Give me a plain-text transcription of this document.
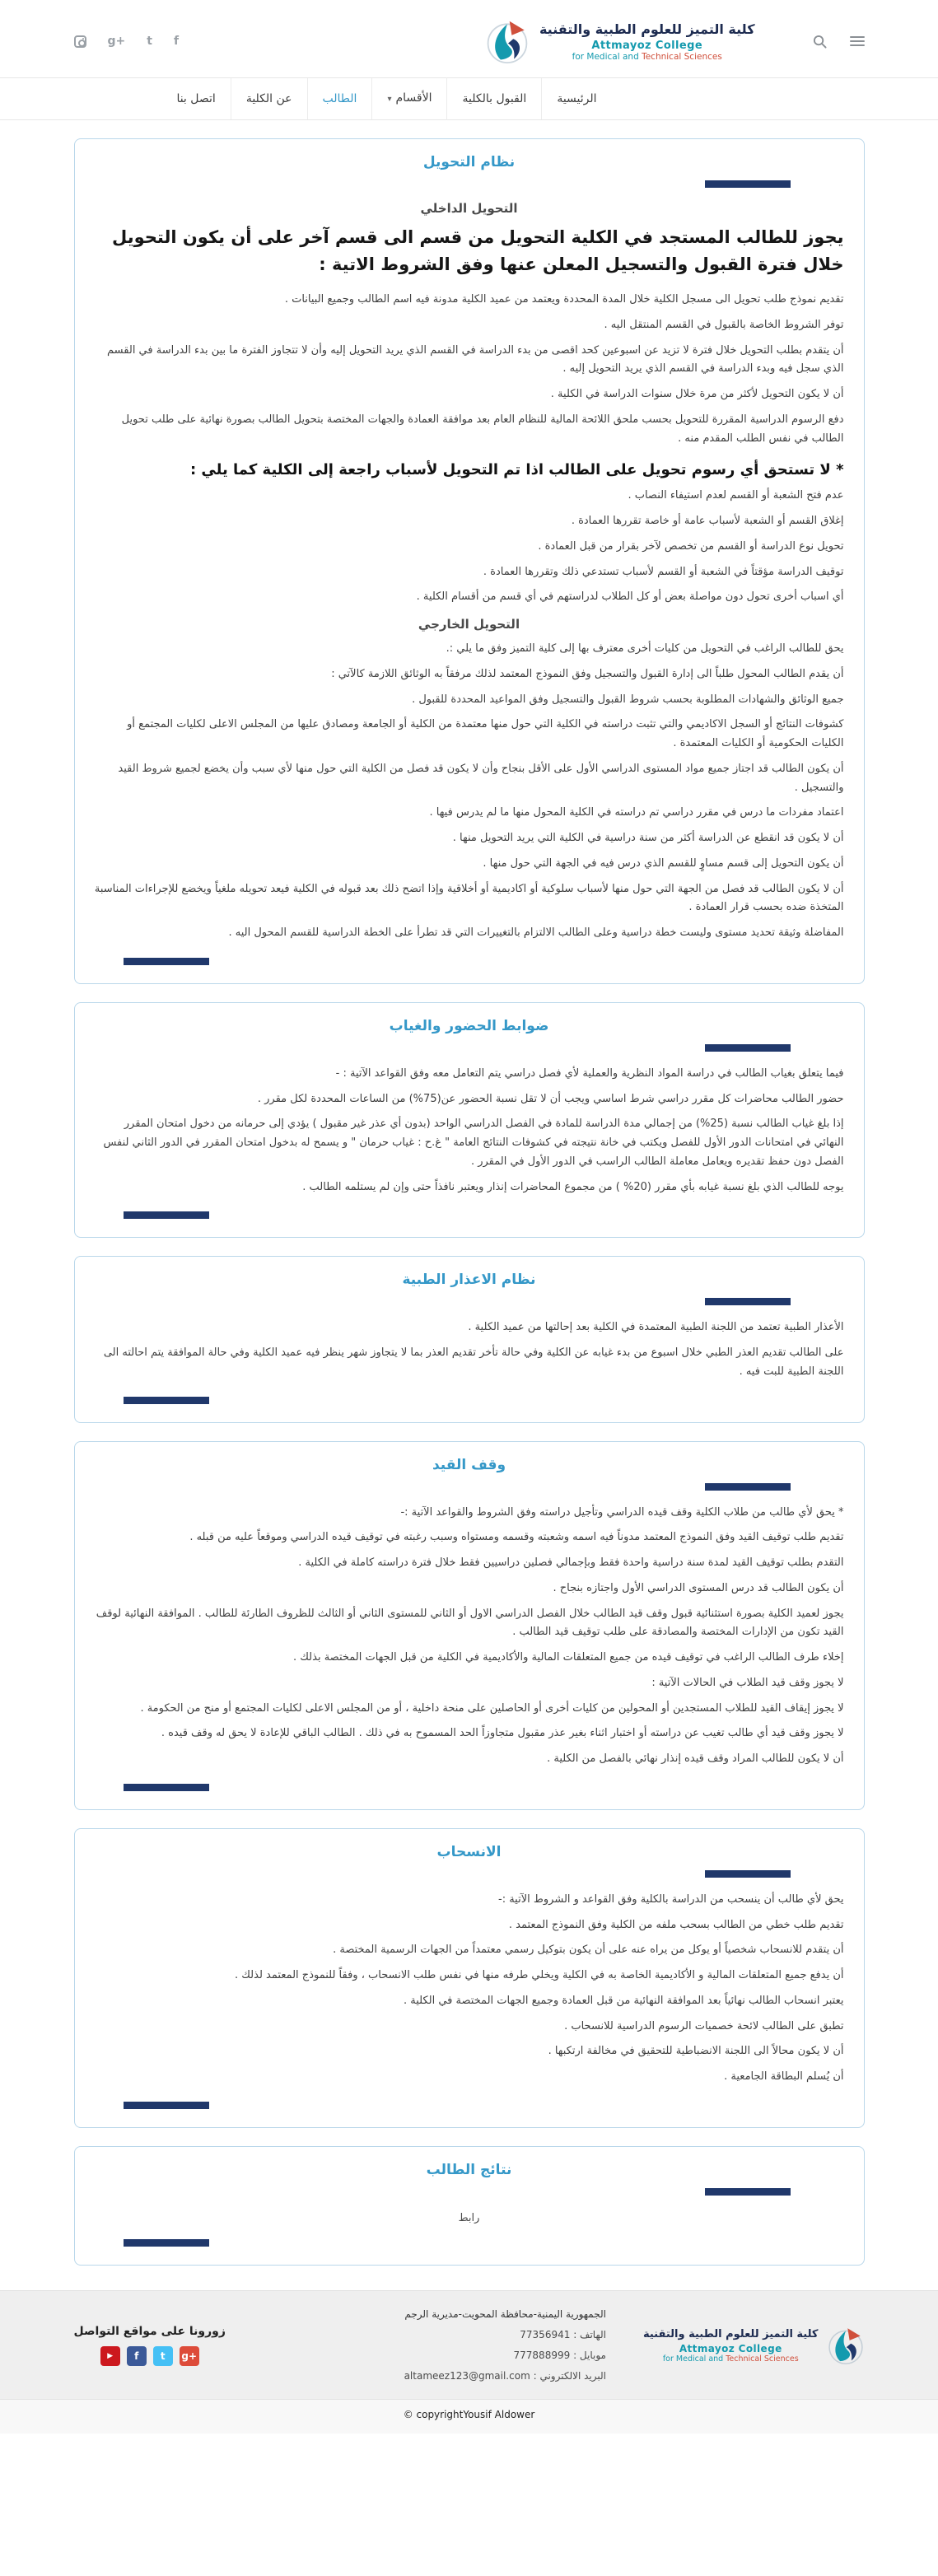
g+ t f
كلية التميز للعلوم الطبية والتقنية
Attmayoz College
for Medical and Technical Sciences
الرئيسية
القبول بالكلية
الأقسام▾
الطالب
عن الكلية
اتصل بنا
نظام التحويل
التحويل الداخلي

يجوز للطالب المستجد في الكلية التحويل من قسم الى قسم آخر على أن يكون التحويل خلال فترة القبول والتسجيل المعلن عنها وفق الشروط الاتية :

تقديم نموذج طلب تحويل الى مسجل الكلية خلال المدة المحددة ويعتمد من عميد الكلية مدونة فيه اسم الطالب وجميع البيانات .

توفر الشروط الخاصة بالقبول في القسم المنتقل اليه .

أن يتقدم بطلب التحويل خلال فترة لا تزيد عن اسبوعين كحد اقصى من بدء الدراسة في القسم الذي يريد التحويل إليه وأن لا تتجاوز الفترة ما بين بدء الدراسة في القسم الذي سجل فيه وبدء الدراسة في القسم الذي يريد التحويل إليه .

أن لا يكون التحويل لأكثر من مرة خلال سنوات الدراسة في الكلية .

دفع الرسوم الدراسية المقررة للتحويل بحسب ملحق اللائحة المالية للنظام العام بعد موافقة العمادة والجهات المختصة بتحويل الطالب بصورة نهائية على طلب تحويل الطالب في نفس الطلب المقدم منه .

* لا تستحق أي رسوم تحويل على الطالب اذا تم التحويل لأسباب راجعة إلى الكلية كما يلي :

عدم فتح الشعبة أو القسم لعدم استيفاء النصاب .

إغلاق القسم أو الشعبة لأسباب عامة أو خاصة تقررها العمادة .

تحويل نوع الدراسة أو القسم من تخصص لآخر بقرار من قبل العمادة .

توقيف الدراسة مؤقتاً في الشعبة أو القسم لأسباب تستدعي ذلك وتقررها العمادة .

أي اسباب أخرى تحول دون مواصلة بعض أو كل الطلاب لدراستهم في أي قسم من أقسام الكلية .

التحويل الخارجي

يحق للطالب الراغب في التحويل من كليات أخرى معترف بها إلى كلية التميز وفق ما يلي :.

أن يقدم الطالب المحول طلباً الى إدارة القبول والتسجيل وفق النموذج المعتمد لذلك مرفقاً به الوثائق اللازمة كالآتي :

جميع الوثائق والشهادات المطلوبة بحسب شروط القبول والتسجيل وفق المواعيد المحددة للقبول .

كشوفات النتائج أو السجل الاكاديمي والتي تثبت دراسته في الكلية التي حول منها معتمدة من الكلية أو الجامعة ومصادق عليها من المجلس الاعلى لكليات المجتمع أو الكليات الحكومية أو الكليات المعتمدة .

أن يكون الطالب قد اجتاز جميع مواد المستوى الدراسي الأول على الأقل بنجاح وأن لا يكون قد فصل من الكلية التي حول منها لأي سبب وأن يخضع لجميع شروط القيد والتسجيل .

اعتماد مفردات ما درس في مقرر دراسي تم دراسته في الكلية المحول منها ما لم يدرس فيها .

أن لا يكون قد انقطع عن الدراسة أكثر من سنة دراسية في الكلية التي يريد التحويل منها .

أن يكون التحويل إلى قسم مساوٍ للقسم الذي درس فيه في الجهة التي حول منها .

أن لا يكون الطالب قد فصل من الجهة التي حول منها لأسباب سلوكية أو اكاديمية أو أخلاقية وإذا اتضح ذلك بعد قبوله في الكلية فيعد تحويله ملغياً ويخضع للإجراءات المناسبة المتخذة ضده بحسب قرار العمادة .

المفاضلة وثيقة تحديد مستوى وليست خطة دراسية وعلى الطالب الالتزام بالتغييرات التي قد تطرأ على الخطة الدراسية للقسم المحول اليه .

ضوابط الحضور والغياب

فيما يتعلق بغياب الطالب في دراسة المواد النظرية والعملية لأي فصل دراسي يتم التعامل معه وفق القواعد الآتية : -

حضور الطالب محاضرات كل مقرر دراسي شرط اساسي ويجب أن لا تقل نسبة الحضور عن(75%) من الساعات المحددة لكل مقرر .

إذا بلغ غياب الطالب نسبة (25%) من إجمالي مدة الدراسة للمادة في الفصل الدراسي الواحد (بدون أي عذر غير مقبول ) يؤدي إلى حرمانه من دخول امتحان المقرر النهائي في امتحانات الدور الأول للفصل ويكتب في خانة نتيجته في كشوفات النتائج العامة " غ.ح : غياب حرمان " و يسمح له بدخول امتحان المقرر في الدور الثاني لنفس الفصل دون حفظ تقديره ويعامل معاملة الطالب الراسب في الدور الأول في المقرر .

يوجه للطالب الذي بلغ نسبة غيابه بأي مقرر (20% ) من مجموع المحاضرات إنذار ويعتبر نافذاً حتى وإن لم يستلمه الطالب .

نظام الاعذار الطبية

الأعذار الطبية تعتمد من اللجنة الطبية المعتمدة في الكلية بعد إحالتها من عميد الكلية .

على الطالب تقديم العذر الطبي خلال اسبوع من بدء غيابه عن الكلية وفي حالة تأخر تقديم العذر بما لا يتجاوز شهر ينظر فيه عميد الكلية وفي حالة الموافقة يتم احالته الى اللجنة الطبية للبت فيه .

وقف القيد

* يحق لأي طالب من طلاب الكلية وقف قيده الدراسي وتأجيل دراسته وفق الشروط والقواعد الآتية :-

تقديم طلب توقيف القيد وفق النموذج المعتمد مدوناً فيه اسمه وشعبته وقسمه ومستواه وسبب رغبته في توقيف قيده الدراسي وموقعاً عليه من قبله .

التقدم بطلب توقيف القيد لمدة سنة دراسية واحدة فقط وبإجمالي فصلين دراسيين فقط خلال فترة دراسته كاملة في الكلية .

أن يكون الطالب قد درس المستوى الدراسي الأول واجتازه بنجاح .

يجوز لعميد الكلية بصورة استثنائية قبول وقف قيد الطالب خلال الفصل الدراسي الاول أو الثاني للمستوى الثاني أو الثالث للظروف الطارئة للطالب . الموافقة النهائية لوقف القيد تكون من الإدارات المختصة والمصادقة على طلب توقيف قيد الطالب .

إخلاء طرف الطالب الراغب في توقيف قيده من جميع المتعلقات المالية والأكاديمية في الكلية من قبل الجهات المختصة بذلك .

لا يجوز وقف قيد الطلاب في الحالات الآتية :

لا يجوز إيقاف القيد للطلاب المستجدين أو المحولين من كليات أخرى أو الحاصلين على منحة داخلية ، أو من المجلس الاعلى لكليات المجتمع أو منح من الحكومة .

لا يجوز وقف قيد أي طالب تغيب عن دراسته أو اختبار اثناء بغير عذر مقبول متجاوزاً الحد المسموح به في ذلك . الطالب الباقي للإعادة لا يحق له وقف قيده .

أن لا يكون للطالب المراد وقف قيده إنذار نهائي بالفصل من الكلية .

الانسحاب

يحق لأي طالب أن ينسحب من الدراسة بالكلية وفق القواعد و الشروط الآتية :-

تقديم طلب خطي من الطالب بسحب ملفه من الكلية وفق النموذج المعتمد .

أن يتقدم للانسحاب شخصياً أو يوكل من يراه عنه على أن يكون بتوكيل رسمي معتمداً من الجهات الرسمية المختصة .

أن يدفع جميع المتعلقات المالية و الأكاديمية الخاصة به في الكلية ويخلي طرفه منها في نفس طلب الانسحاب ، وفقاً للنموذج المعتمد لذلك .

يعتبر انسحاب الطالب نهائياً بعد الموافقة النهائية من قبل العمادة وجميع الجهات المختصة في الكلية .

تطبق على الطالب لائحة خصميات الرسوم الدراسية للانسحاب .

أن لا يكون محالاً الى اللجنة الانضباطية للتحقيق في مخالفة ارتكبها .

أن يُسلم البطاقة الجامعية .

نتائج الطالب
رابط
زورونا على مواقع التواصل
▶	f	t	g+
الجمهورية اليمنية-محافظة المحويت-مديرية الرجم
الهاتف : 77356941
موبايل : 777888999
البريد الالكتروني : altameez123@gmail.com
كلية التميز للعلوم الطبية والتقنية
Attmayoz College
for Medical and Technical Sciences
© copyrightYousif Aldower
